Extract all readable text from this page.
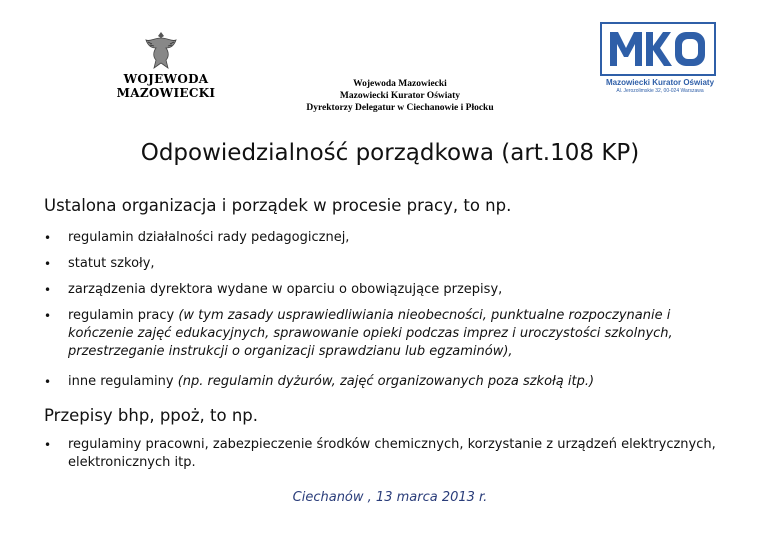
WOJEWODA MAZOWIECKI
Wojewoda Mazowiecki
Mazowiecki Kurator Oświaty
Dyrektorzy Delegatur w Ciechanowie i Płocku
Mazowiecki Kurator Oświaty
Al. Jerozolimskie 32, 00-024 Warszawa
Odpowiedzialność porządkowa (art.108 KP)
Ustalona organizacja i porządek w procesie pracy, to np.
• regulamin działalności rady pedagogicznej,
• statut szkoły,
• zarządzenia dyrektora wydane w oparciu o obowiązujące przepisy,
• regulamin pracy (w tym zasady usprawiedliwiania nieobecności, punktualne rozpoczynanie i kończenie zajęć edukacyjnych, sprawowanie opieki podczas imprez i uroczystości szkolnych, przestrzeganie instrukcji o organizacji sprawdzianu lub egzaminów),
• inne regulaminy (np. regulamin dyżurów, zajęć organizowanych poza szkołą itp.)
Przepisy bhp, ppoż, to np.
• regulaminy pracowni, zabezpieczenie środków chemicznych, korzystanie z urządzeń elektrycznych, elektronicznych itp.
Ciechanów , 13 marca 2013 r.
